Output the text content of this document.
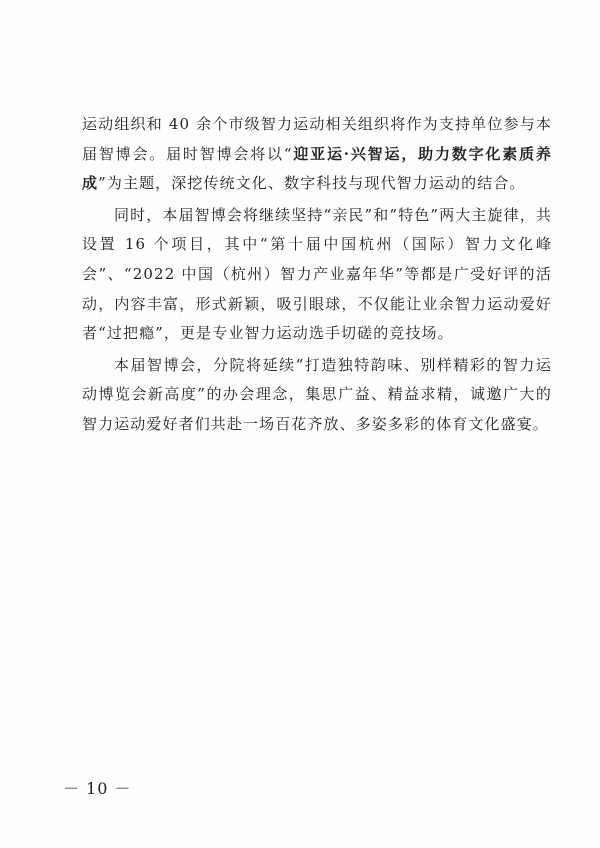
运动组织和 40 余个市级智力运动相关组织将作为支持单位参与本届智博会。届时智博会将以“迎亚运·兴智运，助力数字化素质养成”为主题，深挖传统文化、数字科技与现代智力运动的结合。

同时，本届智博会将继续坚持“亲民”和“特色”两大主旋律，共设置 16 个项目，其中“第十届中国杭州（国际）智力文化峰会”、“2022 中国（杭州）智力产业嘉年华”等都是广受好评的活动，内容丰富，形式新颖，吸引眼球，不仅能让业余智力运动爱好者“过把瘾”，更是专业智力运动选手切磋的竞技场。

本届智博会，分院将延续“打造独特韵味、别样精彩的智力运动博览会新高度”的办会理念，集思广益、精益求精，诚邀广大的智力运动爱好者们共赴一场百花齐放、多姿多彩的体育文化盛宴。

－ 10 －
